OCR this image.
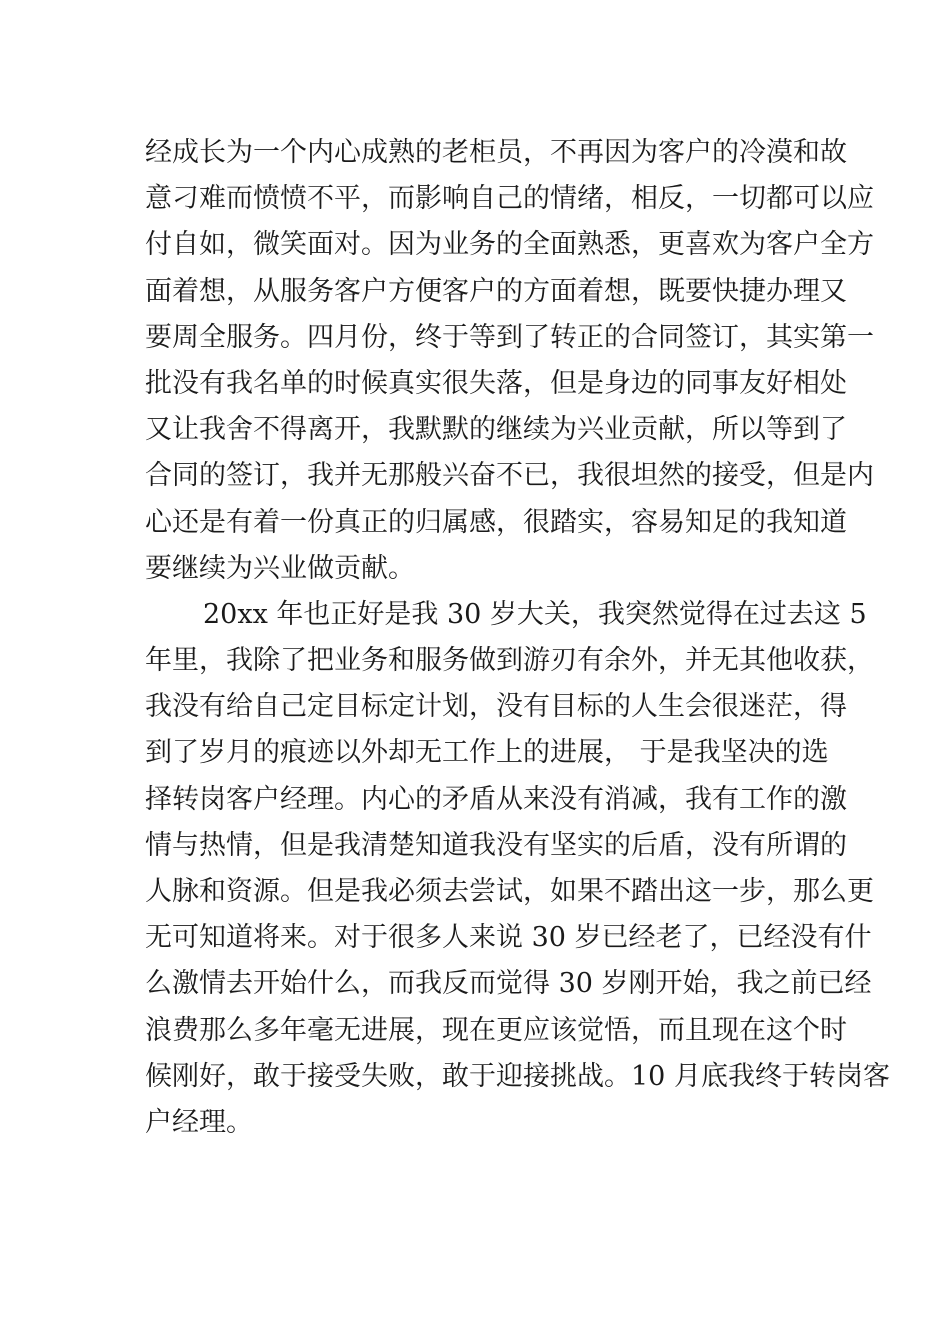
经成长为一个内心成熟的老柜员，不再因为客户的冷漠和故
意刁难而愤愤不平，而影响自己的情绪，相反，一切都可以应
付自如，微笑面对。因为业务的全面熟悉，更喜欢为客户全方
面着想，从服务客户方便客户的方面着想，既要快捷办理又
要周全服务。四月份，终于等到了转正的合同签订，其实第一
批没有我名单的时候真实很失落，但是身边的同事友好相处
又让我舍不得离开，我默默的继续为兴业贡献，所以等到了
合同的签订，我并无那般兴奋不已，我很坦然的接受，但是内
心还是有着一份真正的归属感，很踏实，容易知足的我知道
要继续为兴业做贡献。
20xx 年也正好是我 30 岁大关，我突然觉得在过去这 5
年里，我除了把业务和服务做到游刃有余外，并无其他收获，
我没有给自己定目标定计划，没有目标的人生会很迷茫，得
到了岁月的痕迹以外却无工作上的进展， 于是我坚决的选
择转岗客户经理。内心的矛盾从来没有消减，我有工作的激
情与热情，但是我清楚知道我没有坚实的后盾，没有所谓的
人脉和资源。但是我必须去尝试，如果不踏出这一步，那么更
无可知道将来。对于很多人来说 30 岁已经老了，已经没有什
么激情去开始什么，而我反而觉得 30 岁刚开始，我之前已经
浪费那么多年毫无进展，现在更应该觉悟，而且现在这个时
候刚好，敢于接受失败，敢于迎接挑战。10 月底我终于转岗客
户经理。
